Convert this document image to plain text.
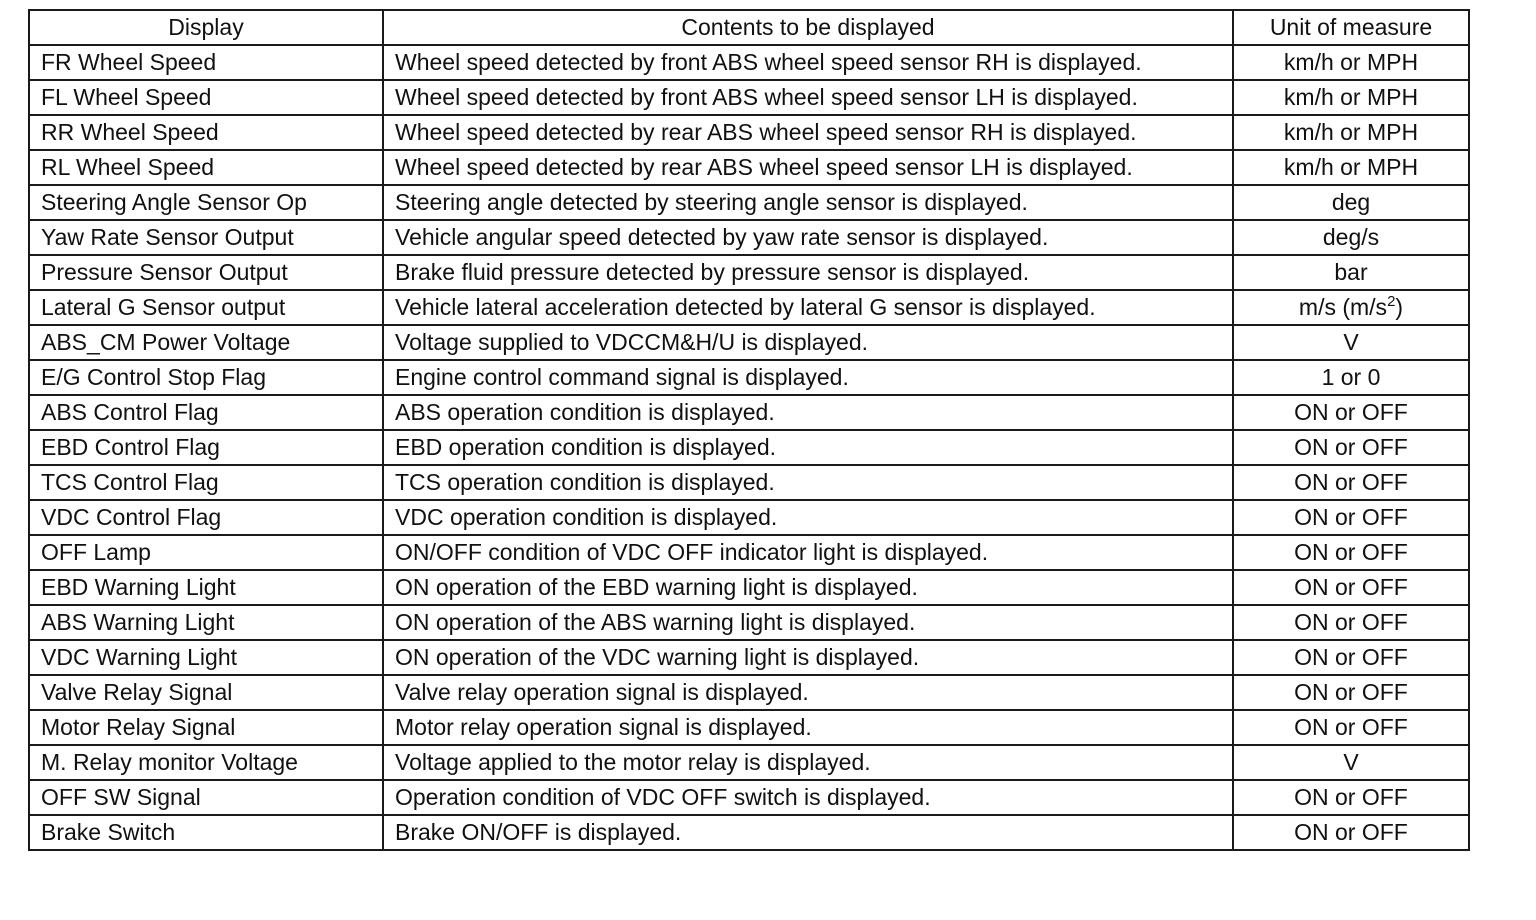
Display	Contents to be displayed	Unit of measure
FR Wheel Speed	Wheel speed detected by front ABS wheel speed sensor RH is displayed.	km/h or MPH
FL Wheel Speed	Wheel speed detected by front ABS wheel speed sensor LH is displayed.	km/h or MPH
RR Wheel Speed	Wheel speed detected by rear ABS wheel speed sensor RH is displayed.	km/h or MPH
RL Wheel Speed	Wheel speed detected by rear ABS wheel speed sensor LH is displayed.	km/h or MPH
Steering Angle Sensor Op	Steering angle detected by steering angle sensor is displayed.	deg
Yaw Rate Sensor Output	Vehicle angular speed detected by yaw rate sensor is displayed.	deg/s
Pressure Sensor Output	Brake fluid pressure detected by pressure sensor is displayed.	bar
Lateral G Sensor output	Vehicle lateral acceleration detected by lateral G sensor is displayed.	m/s $(m/s^2)$
ABS_CM Power Voltage	Voltage supplied to VDCCM&H/U is displayed.	V
E/G Control Stop Flag	Engine control command signal is displayed.	1 or 0
ABS Control Flag	ABS operation condition is displayed.	ON or OFF
EBD Control Flag	EBD operation condition is displayed.	ON or OFF
TCS Control Flag	TCS operation condition is displayed.	ON or OFF
VDC Control Flag	VDC operation condition is displayed.	ON or OFF
OFF Lamp	ON/OFF condition of VDC OFF indicator light is displayed.	ON or OFF
EBD Warning Light	ON operation of the EBD warning light is displayed.	ON or OFF
ABS Warning Light	ON operation of the ABS warning light is displayed.	ON or OFF
VDC Warning Light	ON operation of the VDC warning light is displayed.	ON or OFF
Valve Relay Signal	Valve relay operation signal is displayed.	ON or OFF
Motor Relay Signal	Motor relay operation signal is displayed.	ON or OFF
M. Relay monitor Voltage	Voltage applied to the motor relay is displayed.	V
OFF SW Signal	Operation condition of VDC OFF switch is displayed.	ON or OFF
Brake Switch	Brake ON/OFF is displayed.	ON or OFF
